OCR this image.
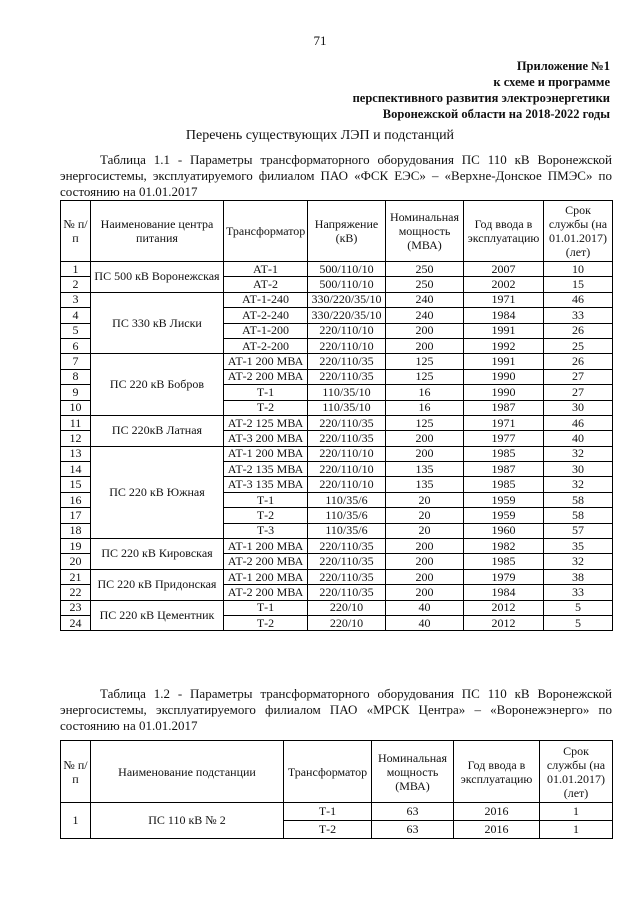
71
Приложение №1
к схеме и программе
перспективного развития электроэнергетики
Воронежской области на 2018-2022 годы
Перечень существующих ЛЭП и подстанций
Таблица 1.1 - Параметры трансформаторного оборудования ПС 110 кВ Воронежской энергосистемы, эксплуатируемого филиалом ПАО «ФСК ЕЭС» – «Верхне-Донское ПМЭС» по состоянию на 01.01.2017
№ п/п	Наименование центра питания	Трансформатор	Напряжение (кВ)	Номинальная мощность (МВА)	Год ввода в эксплуатацию	Срок службы (на 01.01.2017) (лет)
1	ПС 500 кВ Воронежская	АТ-1	500/110/10	250	2007	10
2		АТ-2	500/110/10	250	2002	15
3	ПС 330 кВ Лиски	АТ-1-240	330/220/35/10	240	1971	46
4		АТ-2-240	330/220/35/10	240	1984	33
5		АТ-1-200	220/110/10	200	1991	26
6		АТ-2-200	220/110/10	200	1992	25
7	ПС 220 кВ Бобров	АТ-1 200 МВА	220/110/35	125	1991	26
8		АТ-2 200 МВА	220/110/35	125	1990	27
9		Т-1	110/35/10	16	1990	27
10		Т-2	110/35/10	16	1987	30
11	ПС 220кВ Латная	АТ-2 125 МВА	220/110/35	125	1971	46
12		АТ-3 200 МВА	220/110/35	200	1977	40
13	ПС 220 кВ Южная	АТ-1 200 МВА	220/110/10	200	1985	32
14		АТ-2 135 МВА	220/110/10	135	1987	30
15		АТ-3 135 МВА	220/110/10	135	1985	32
16		Т-1	110/35/6	20	1959	58
17		Т-2	110/35/6	20	1959	58
18		Т-3	110/35/6	20	1960	57
19	ПС 220 кВ Кировская	АТ-1 200 МВА	220/110/35	200	1982	35
20		АТ-2 200 МВА	220/110/35	200	1985	32
21	ПС 220 кВ Придонская	АТ-1 200 МВА	220/110/35	200	1979	38
22		АТ-2 200 МВА	220/110/35	200	1984	33
23	ПС 220 кВ Цементник	Т-1	220/10	40	2012	5
24		Т-2	220/10	40	2012	5
Таблица 1.2 - Параметры трансформаторного оборудования ПС 110 кВ Воронежской энергосистемы, эксплуатируемого филиалом ПАО «МРСК Центра» – «Воронежэнерго» по состоянию на 01.01.2017
№ п/п	Наименование подстанции	Трансформатор	Номинальная мощность (МВА)	Год ввода в эксплуатацию	Срок службы (на 01.01.2017) (лет)
1	ПС 110 кВ № 2	Т-1	63	2016	1
		Т-2	63	2016	1
